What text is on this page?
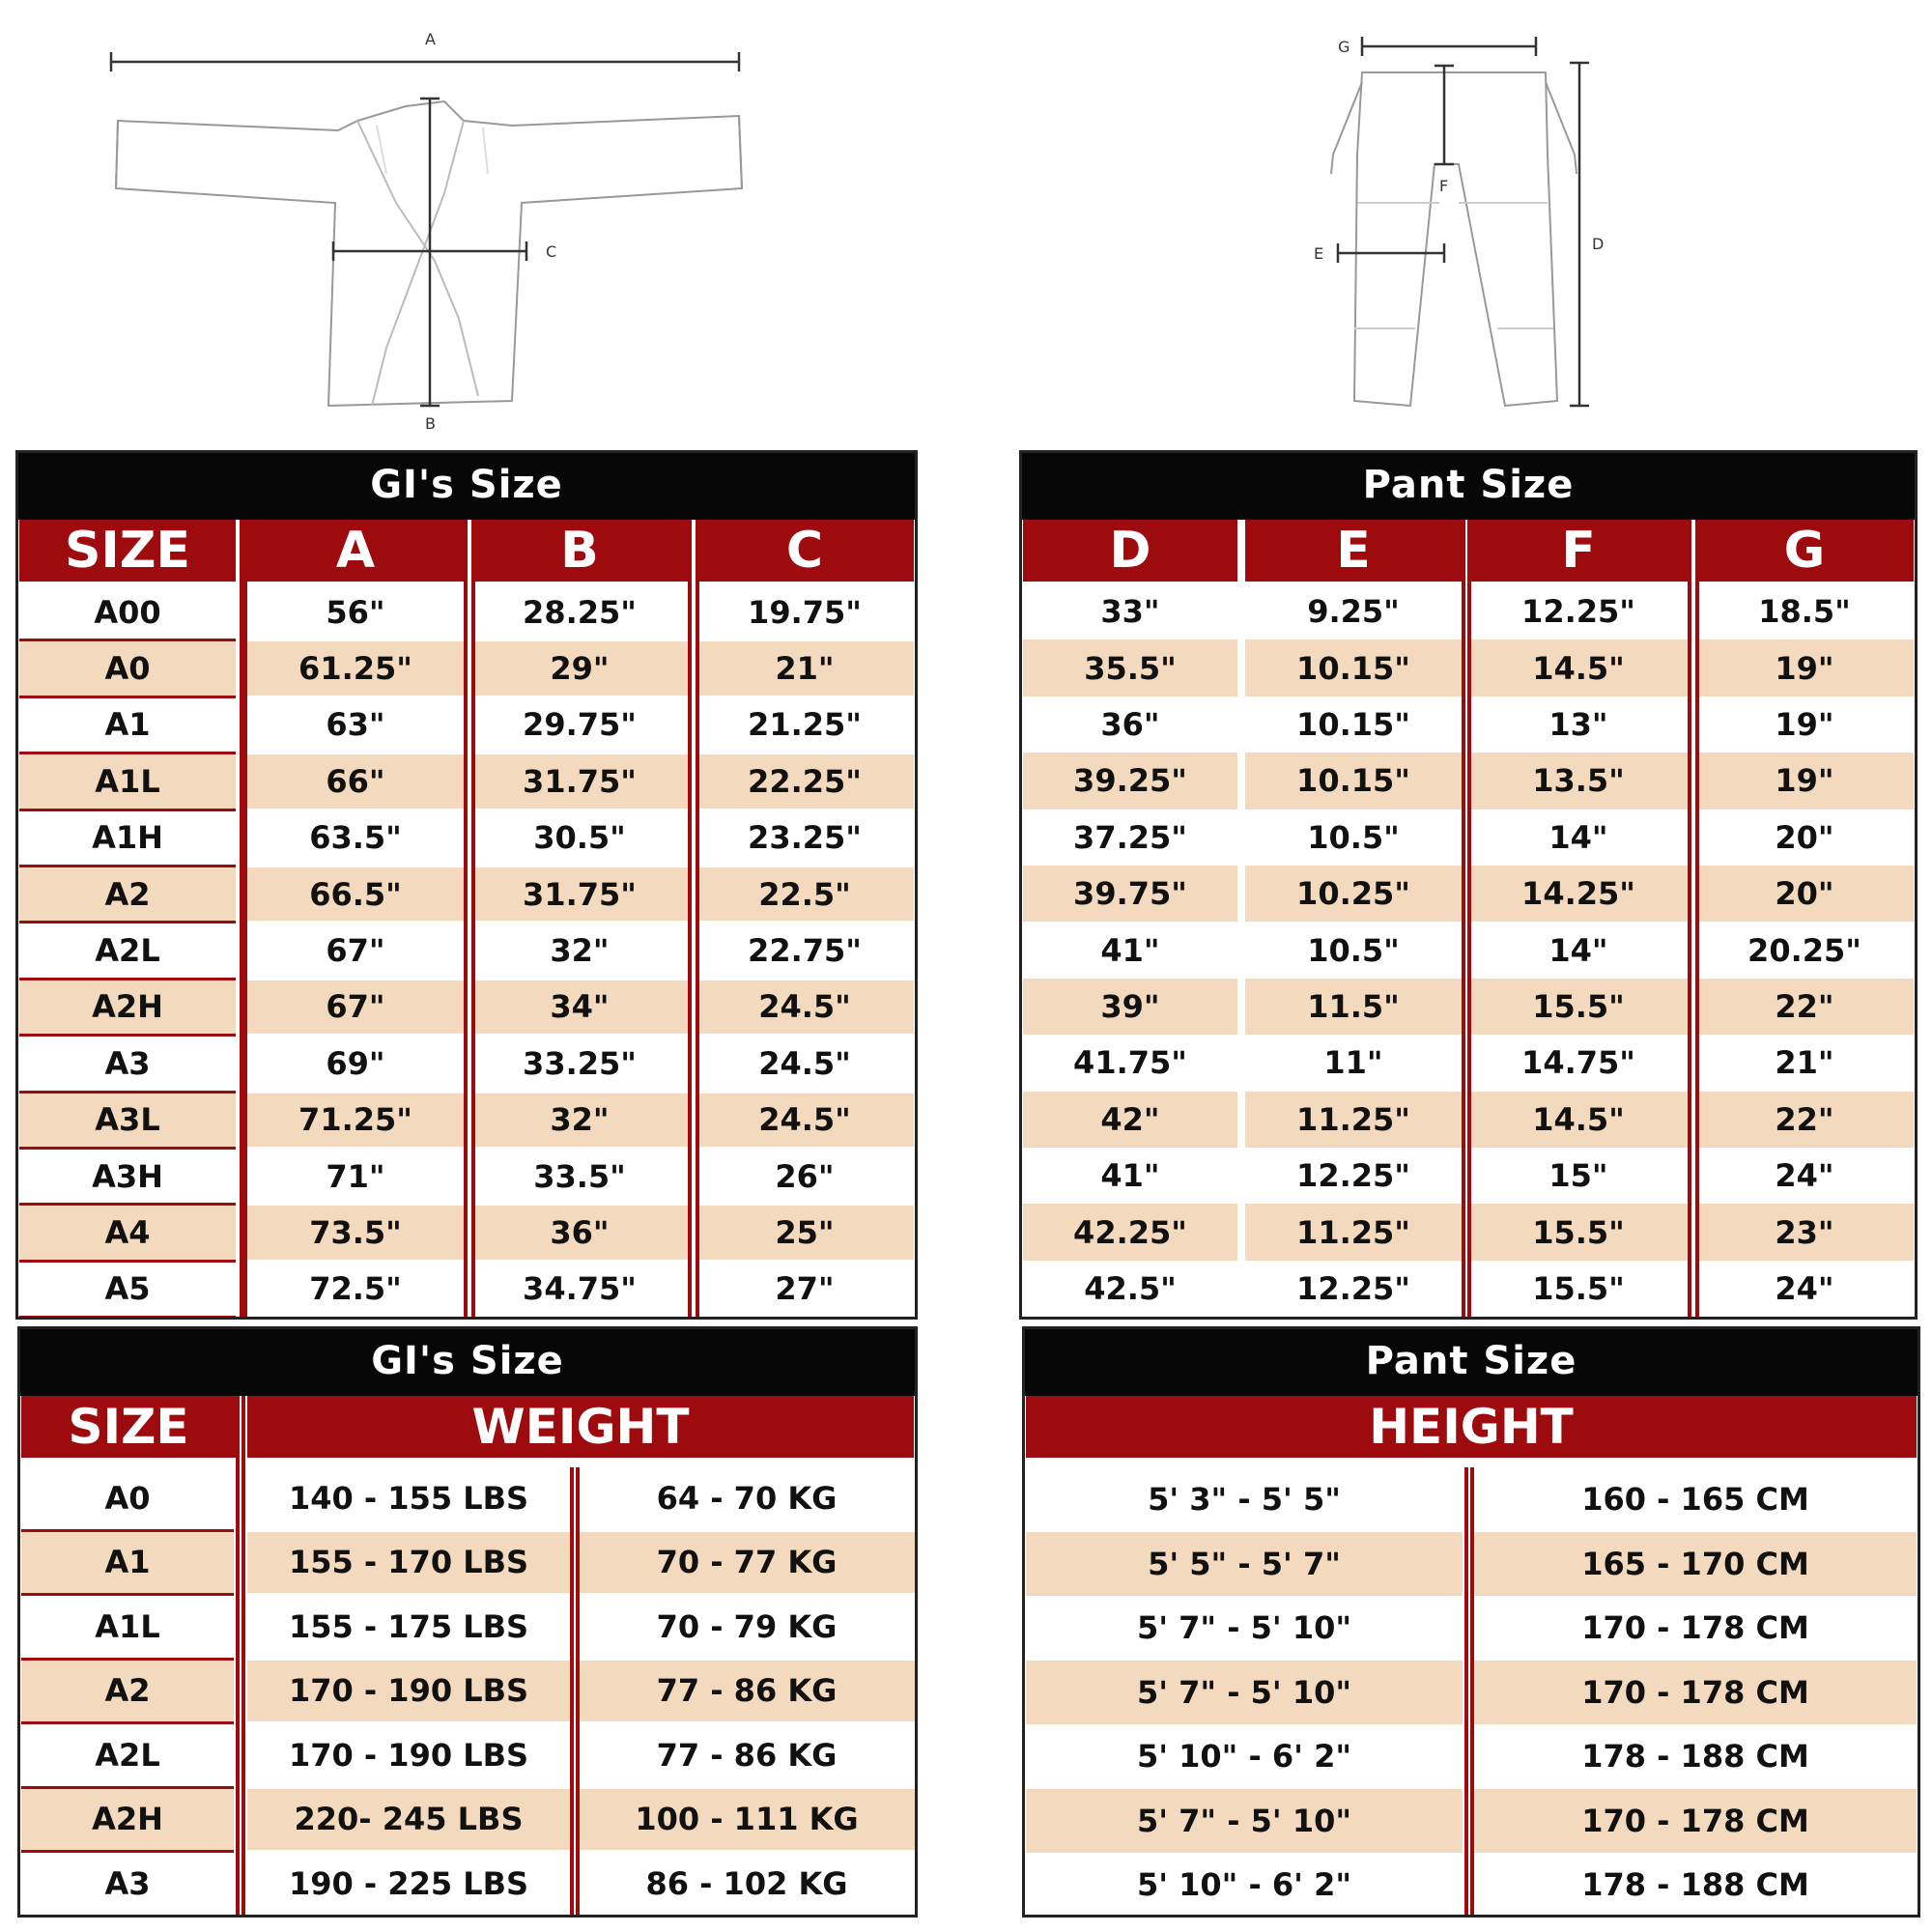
A
B
C
G
F
E
D
GI's Size
SIZE	A	B	C
A00	56"	28.25"	19.75"
A0	61.25"	29"	21"
A1	63"	29.75"	21.25"
A1L	66"	31.75"	22.25"
A1H	63.5"	30.5"	23.25"
A2	66.5"	31.75"	22.5"
A2L	67"	32"	22.75"
A2H	67"	34"	24.5"
A3	69"	33.25"	24.5"
A3L	71.25"	32"	24.5"
A3H	71"	33.5"	26"
A4	73.5"	36"	25"
A5	72.5"	34.75"	27"
Pant Size
D	E	F	G
33"	9.25"	12.25"	18.5"
35.5"	10.15"	14.5"	19"
36"	10.15"	13"	19"
39.25"	10.15"	13.5"	19"
37.25"	10.5"	14"	20"
39.75"	10.25"	14.25"	20"
41"	10.5"	14"	20.25"
39"	11.5"	15.5"	22"
41.75"	11"	14.75"	21"
42"	11.25"	14.5"	22"
41"	12.25"	15"	24"
42.25"	11.25"	15.5"	23"
42.5"	12.25"	15.5"	24"
GI's Size
SIZE	WEIGHT
A0	140 - 155 LBS	64 - 70 KG
A1	155 - 170 LBS	70 - 77 KG
A1L	155 - 175 LBS	70 - 79 KG
A2	170 - 190 LBS	77 - 86 KG
A2L	170 - 190 LBS	77 - 86 KG
A2H	220- 245 LBS	100 - 111 KG
A3	190 - 225 LBS	86 - 102 KG
Pant Size
HEIGHT
5' 3" - 5' 5"	160 - 165 CM
5' 5" - 5' 7"	165 - 170 CM
5' 7" - 5' 10"	170 - 178 CM
5' 7" - 5' 10"	170 - 178 CM
5' 10" - 6' 2"	178 - 188 CM
5' 7" - 5' 10"	170 - 178 CM
5' 10" - 6' 2"	178 - 188 CM
